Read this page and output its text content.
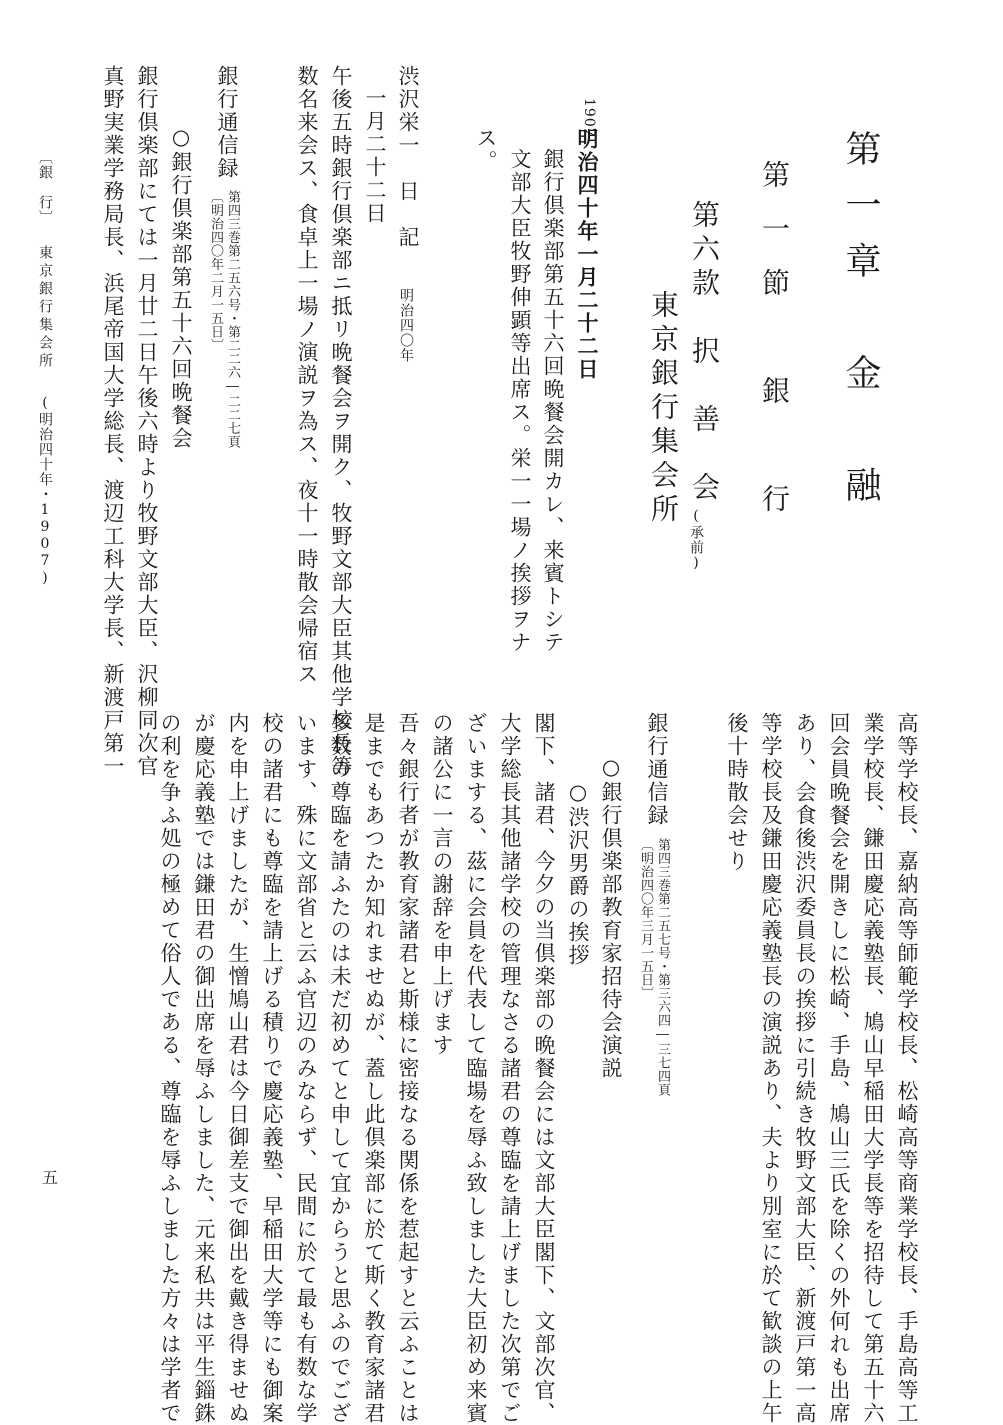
第一章　金　融
第一節　銀　行
第六款　択　善　会
東京銀行集会所
(承前)
1907
明治四十年一月二十二日
銀行倶楽部第五十六回晩餐会開カレ、来賓トシテ
文部大臣牧野伸顕等出席ス。栄一一場ノ挨拶ヲナ
ス。
渋沢栄一　日　記
明治四〇年
一月二十二日
午後五時銀行倶楽部ニ抵リ晩餐会ヲ開ク、牧野文部大臣其他学校長等
数名来会ス、食卓上一場ノ演説ヲ為ス、夜十一時散会帰宿ス
銀行通信録
第四三巻第二五六号・第二二六―二二七頁
〔明治四〇年二月一五日〕
○銀行倶楽部第五十六回晩餐会
銀行倶楽部にては一月廿二日午後六時より牧野文部大臣、沢柳同次官
真野実業学務局長、浜尾帝国大学総長、渡辺工科大学長、新渡戸第一
高等学校長、嘉納高等師範学校長、松崎高等商業学校長、手島高等工
業学校長、鎌田慶応義塾長、鳩山早稲田大学長等を招待して第五十六
回会員晩餐会を開きしに松崎、手島、鳩山三氏を除くの外何れも出席
あり、会食後渋沢委員長の挨拶に引続き牧野文部大臣、新渡戸第一高
等学校長及鎌田慶応義塾長の演説あり、夫より別室に於て歓談の上午
後十時散会せり
銀行通信録
第四三巻第二五七号・第三六四―三七四頁
〔明治四〇年三月一五日〕
○銀行倶楽部教育家招待会演説
○渋沢男爵の挨拶
閣下、諸君、今夕の当倶楽部の晩餐会には文部大臣閣下、文部次官、
大学総長其他諸学校の管理なさる諸君の尊臨を請上げました次第でご
ざいまする、茲に会員を代表して臨場を辱ふ致しました大臣初め来賓
の諸公に一言の謝辞を申上げます
吾々銀行者が教育家諸君と斯様に密接なる関係を惹起すと云ふことは
是までもあつたか知れませぬが、蓋し此倶楽部に於て斯く教育家諸君
多数の尊臨を請ふたのは未だ初めてと申して宜からうと思ふのでござ
います、殊に文部省と云ふ官辺のみならず、民間に於て最も有数な学
校の諸君にも尊臨を請上げる積りで慶応義塾、早稲田大学等にも御案
内を申上げましたが、生憎鳩山君は今日御差支で御出を戴き得ませぬ
が慶応義塾では鎌田君の御出席を辱ふしました、元来私共は平生錙銖
の利を争ふ処の極めて俗人である、尊臨を辱ふしました方々は学者で
〔銀　行〕
東京銀行集会所
(明治四十年・1907)
五
